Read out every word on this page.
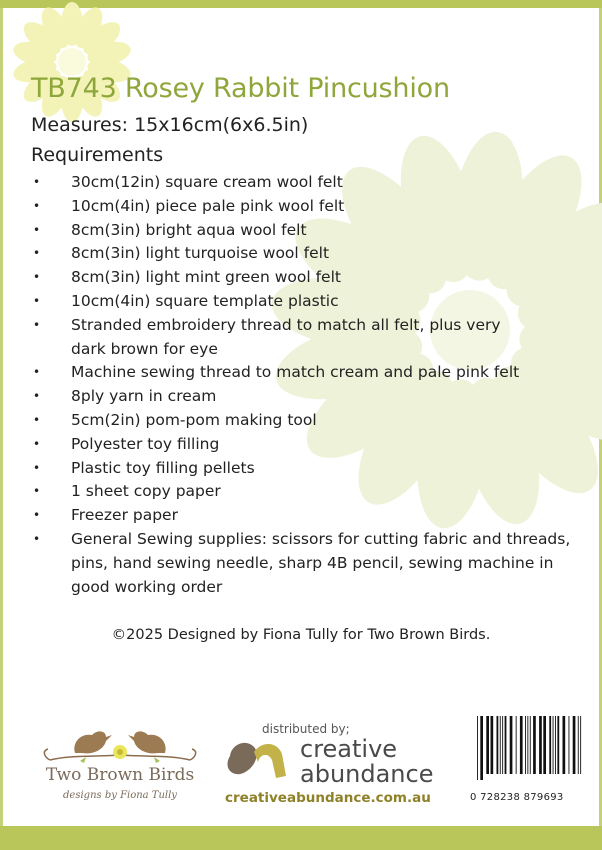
TB743 Rosey Rabbit Pincushion
Measures: 15x16cm(6x6.5in)
Requirements
• 30cm(12in) square cream wool felt
• 10cm(4in) piece pale pink wool felt
• 8cm(3in) bright aqua wool felt
• 8cm(3in) light turquoise wool felt
• 8cm(3in) light mint green wool felt
• 10cm(4in) square template plastic
• Stranded embroidery thread to match all felt, plus very dark brown for eye
• Machine sewing thread to match cream and pale pink felt
• 8ply yarn in cream
• 5cm(2in) pom-pom making tool
• Polyester toy filling
• Plastic toy filling pellets
• 1 sheet copy paper
• Freezer paper
• General Sewing supplies: scissors for cutting fabric and threads, pins, hand sewing needle, sharp 4B pencil, sewing machine in good working order
©2025 Designed by Fiona Tully for Two Brown Birds.
Two Brown Birds
designs by Fiona Tully
distributed by;
creative
abundance
creativeabundance.com.au	0 728238 879693
